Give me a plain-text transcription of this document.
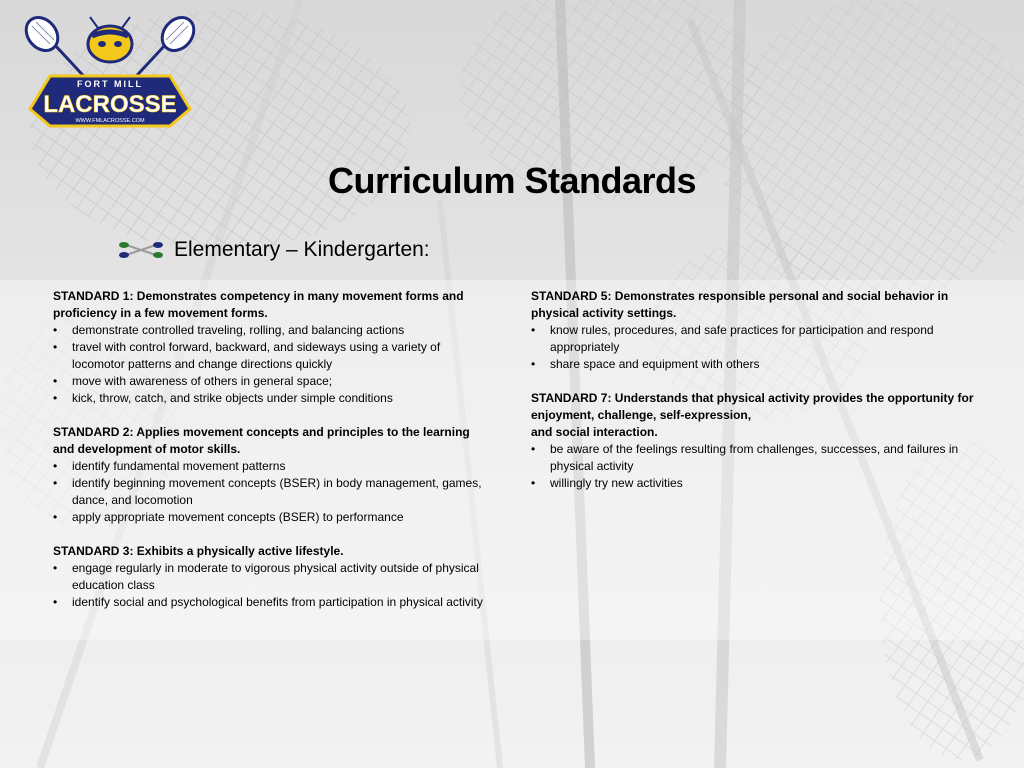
FORT MILL
LACROSSE
WWW.FMLACROSSE.COM
Curriculum Standards
Elementary – Kindergarten:
STANDARD 1: Demonstrates competency in many movement forms and proficiency in a few movement forms.
• demonstrate controlled traveling, rolling, and balancing actions
• travel with control forward, backward, and sideways using a variety of locomotor patterns and change directions quickly
• move with awareness of others in general space;
• kick, throw, catch, and strike objects under simple conditions
STANDARD 2: Applies movement concepts and principles to the learning and development of motor skills.
• identify fundamental movement patterns
• identify beginning movement concepts (BSER) in body management, games, dance, and locomotion
• apply appropriate movement concepts (BSER) to performance
STANDARD 3: Exhibits a physically active lifestyle.
• engage regularly in moderate to vigorous physical activity outside of physical education class
• identify social and psychological benefits from participation in physical activity
STANDARD 5: Demonstrates responsible personal and social behavior in physical activity settings.
• know rules, procedures, and safe practices for participation and respond appropriately
• share space and equipment with others
STANDARD 7: Understands that physical activity provides the opportunity for enjoyment, challenge, self-expression,
and social interaction.
• be aware of the feelings resulting from challenges, successes, and failures in physical activity
• willingly try new activities
